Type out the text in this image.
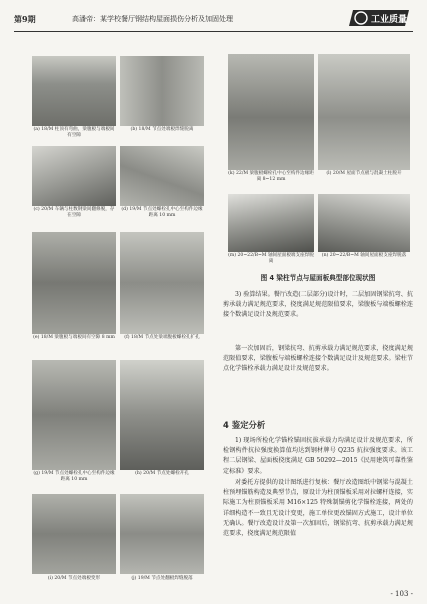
第9期	高潘帝：某学校餐厅钢结构屋面损伤分析及加固处理	工业质量
(a) 18/M 柱顶有弯曲，梁腹板与端板间有空隙
(b) 18/M 节点处端板焊缝脱离
(c) 20/M 车辆与柱数钢梁间翻修脱，存在空隙
(d) 19/M 节点处螺栓孔中心至构件边缘距离 10 mm
(e) 18/M 梁腹板与端板间有空隙 8 mm	(f) 18/M 节点处梁端腹板螺栓孔扩孔
(g) 19/M 节点处螺栓孔中心至构件边缘距离 10 mm
(h) 20/M 节点处螺栓开孔
(i) 20/M 节点处端板变形	(j) 19/M 节点处翻板焊缝脱落
(k) 22/M 梁腹板螺栓孔中心至构件边缘距离 8~12 mm
(l) 20/M 屋面节点板与混凝土柱脱开
(m) 20~22/B~M 轴间屋面板端支座焊脱离
(n) 20~22/B~M 轴间屋面板支座焊脱落
图 4 梁柱节点与屋面板典型部位现状图

3) 验算结果。餐厅改造(二层部分)设计时，二层加固钢梁抗弯、抗剪承载力满足规范要求，挠度满足规范限值要求，梁腹板与端板螺栓连接个数满足设计及规范要求。

第一次加固后，钢梁抗弯、抗剪承载力满足规范要求，挠度满足规范限值要求，梁腹板与端板螺栓连接个数满足设计及规范要求。梁柱节点化学锚栓承载力满足设计及规范要求。

4 鉴定分析

1) 现场所检化学锚栓锚固抗拔承载力均满足设计及规范要求，所检钢构件抗拉强度换算值均达到钢材牌号 Q235 抗拉强度要求。该工程二层钢梁、屋面板挠度满足 GB 50292—2015《民用建筑可靠性鉴定标准》要求。

对委托方提供的设计图纸进行复核：餐厅改造图纸中钢梁与混凝土柱预埋锚筋构造及典型节点，原设计为柱顶锚板采用对拉螺杆连接，实际施工为柱顶锚板采用 M16×125 特殊制锚剪化学锚栓连接，两处的详细构造不一致且无设计变更，施工单位更改锚固方式施工，设计单位无确认。餐厅改造设计及第一次加固后，钢梁抗弯、抗剪承载力满足规范要求，挠度满足规范限值

- 103 -
